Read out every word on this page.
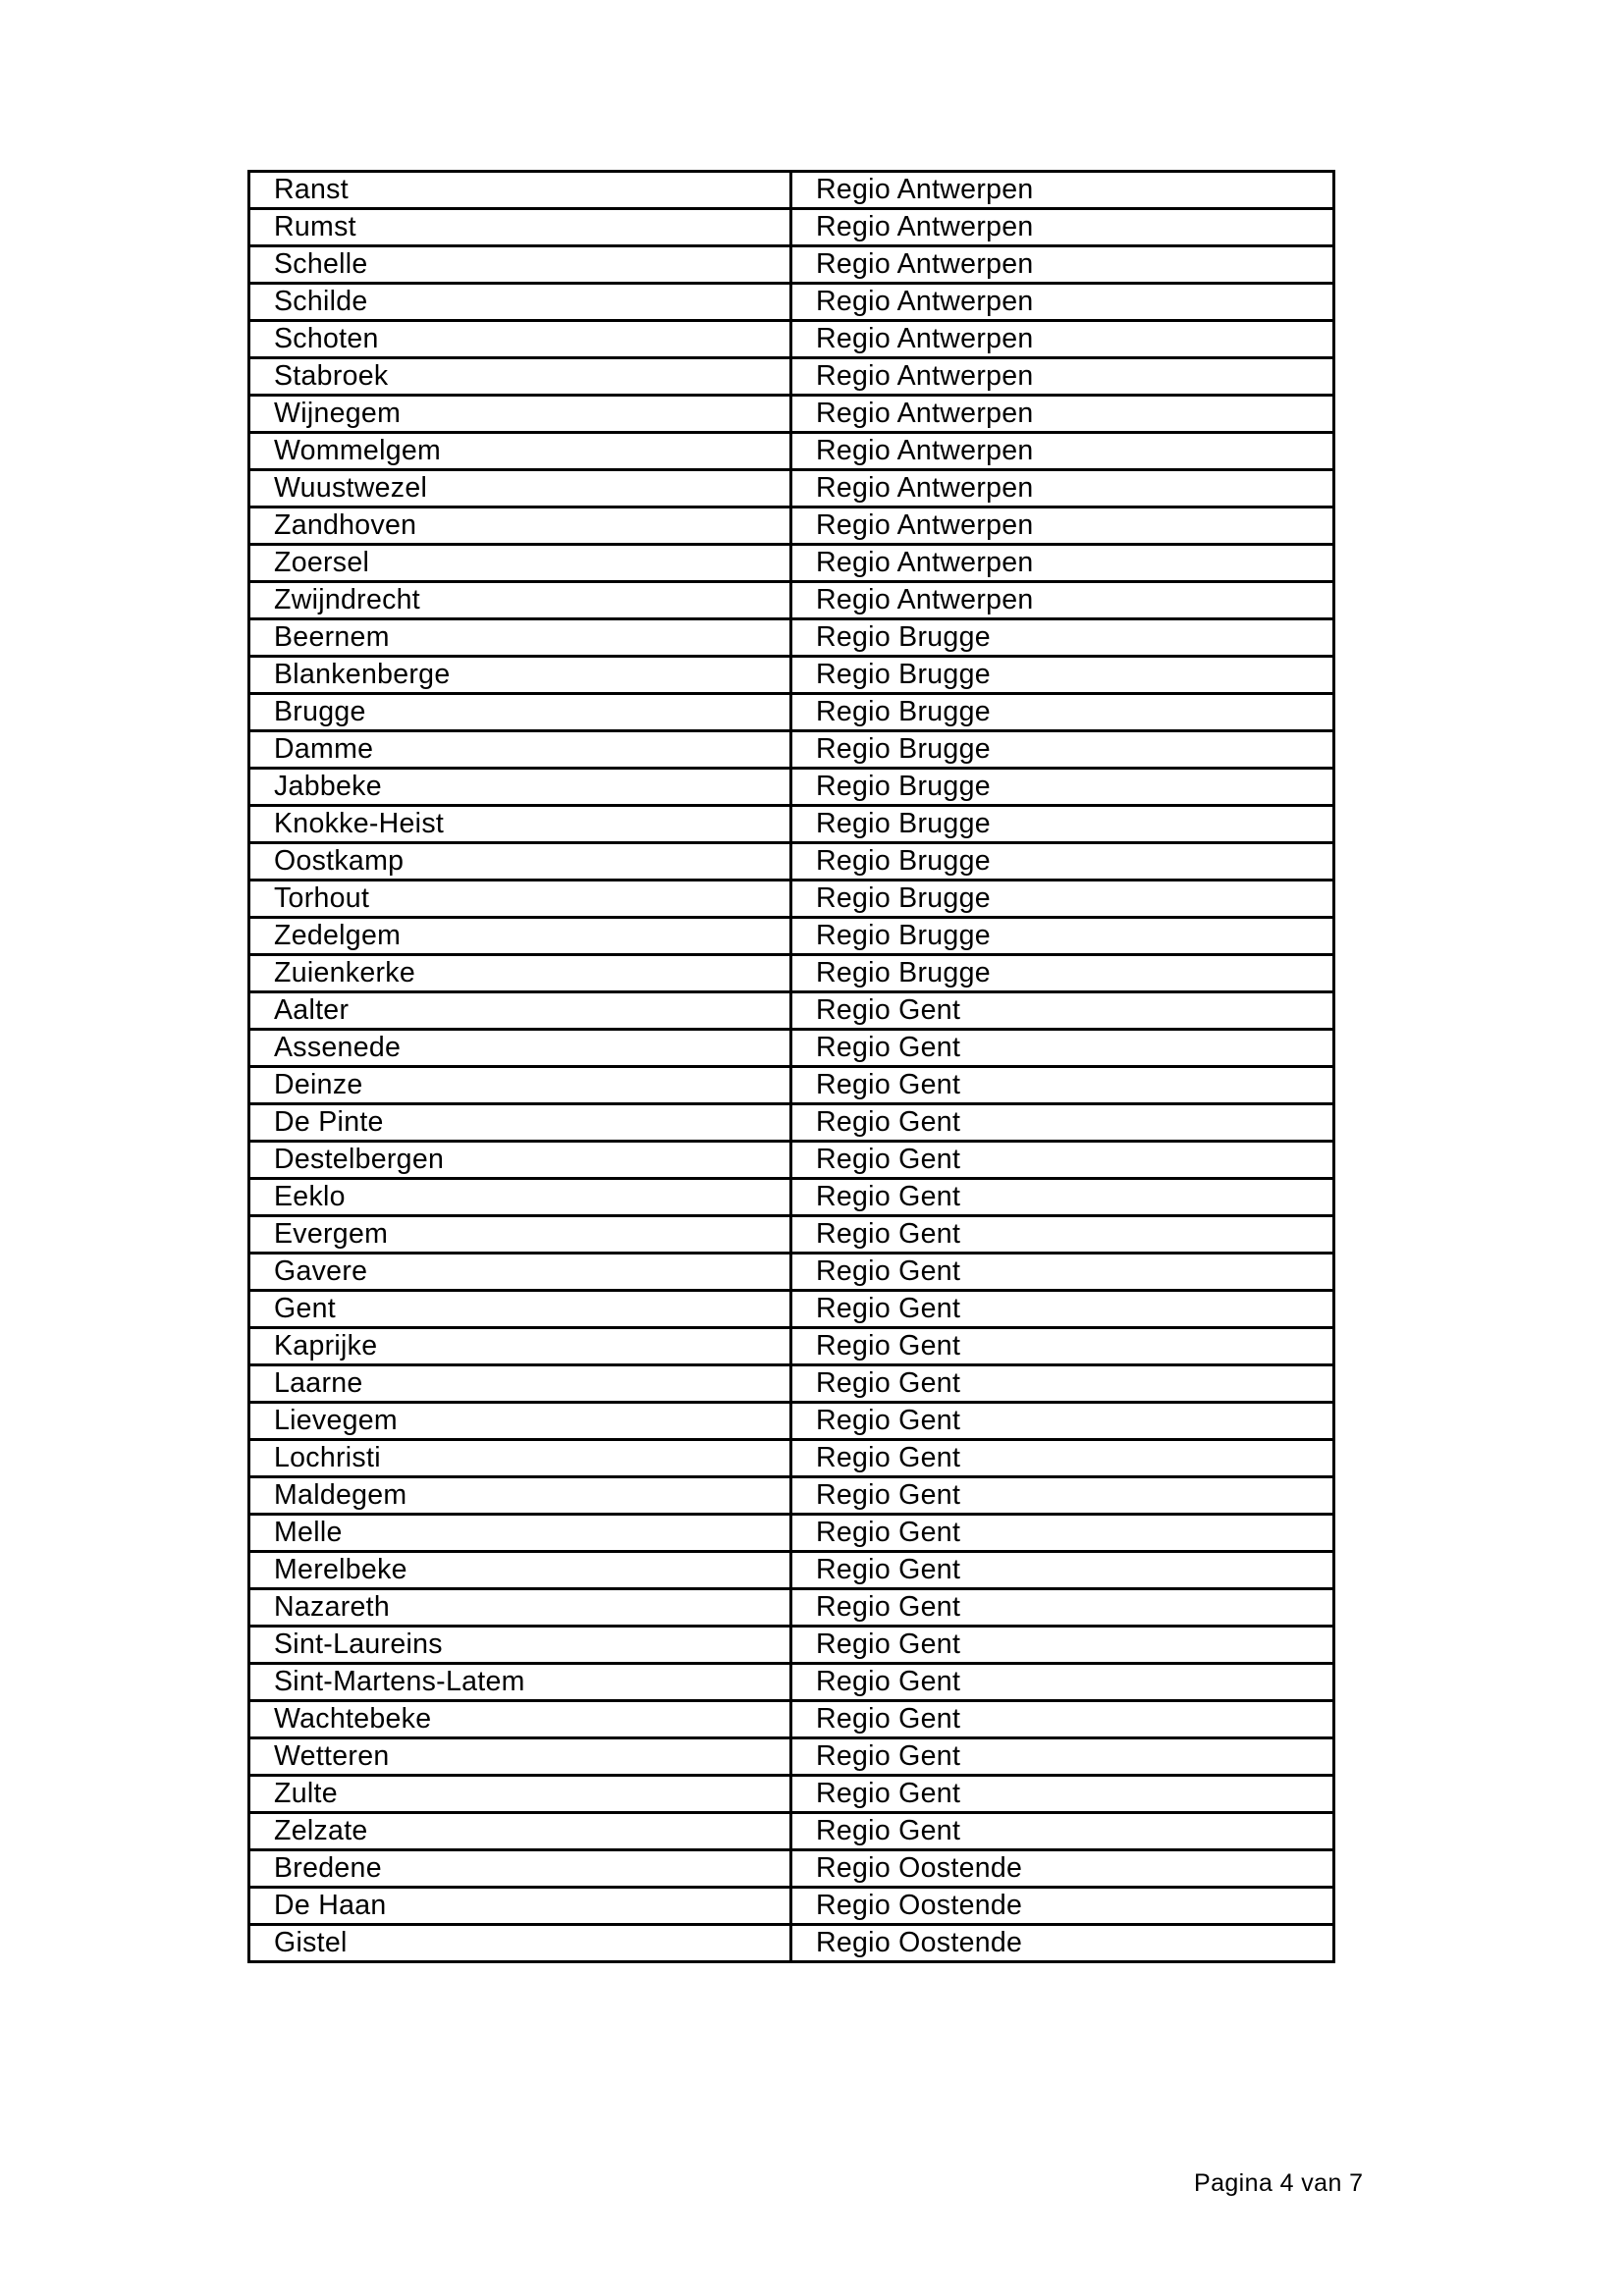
Ranst	Regio Antwerpen
Rumst	Regio Antwerpen
Schelle	Regio Antwerpen
Schilde	Regio Antwerpen
Schoten	Regio Antwerpen
Stabroek	Regio Antwerpen
Wijnegem	Regio Antwerpen
Wommelgem	Regio Antwerpen
Wuustwezel	Regio Antwerpen
Zandhoven	Regio Antwerpen
Zoersel	Regio Antwerpen
Zwijndrecht	Regio Antwerpen
Beernem	Regio Brugge
Blankenberge	Regio Brugge
Brugge	Regio Brugge
Damme	Regio Brugge
Jabbeke	Regio Brugge
Knokke-Heist	Regio Brugge
Oostkamp	Regio Brugge
Torhout	Regio Brugge
Zedelgem	Regio Brugge
Zuienkerke	Regio Brugge
Aalter	Regio Gent
Assenede	Regio Gent
Deinze	Regio Gent
De Pinte	Regio Gent
Destelbergen	Regio Gent
Eeklo	Regio Gent
Evergem	Regio Gent
Gavere	Regio Gent
Gent	Regio Gent
Kaprijke	Regio Gent
Laarne	Regio Gent
Lievegem	Regio Gent
Lochristi	Regio Gent
Maldegem	Regio Gent
Melle	Regio Gent
Merelbeke	Regio Gent
Nazareth	Regio Gent
Sint-Laureins	Regio Gent
Sint-Martens-Latem	Regio Gent
Wachtebeke	Regio Gent
Wetteren	Regio Gent
Zulte	Regio Gent
Zelzate	Regio Gent
Bredene	Regio Oostende
De Haan	Regio Oostende
Gistel	Regio Oostende
Pagina 4 van 7
